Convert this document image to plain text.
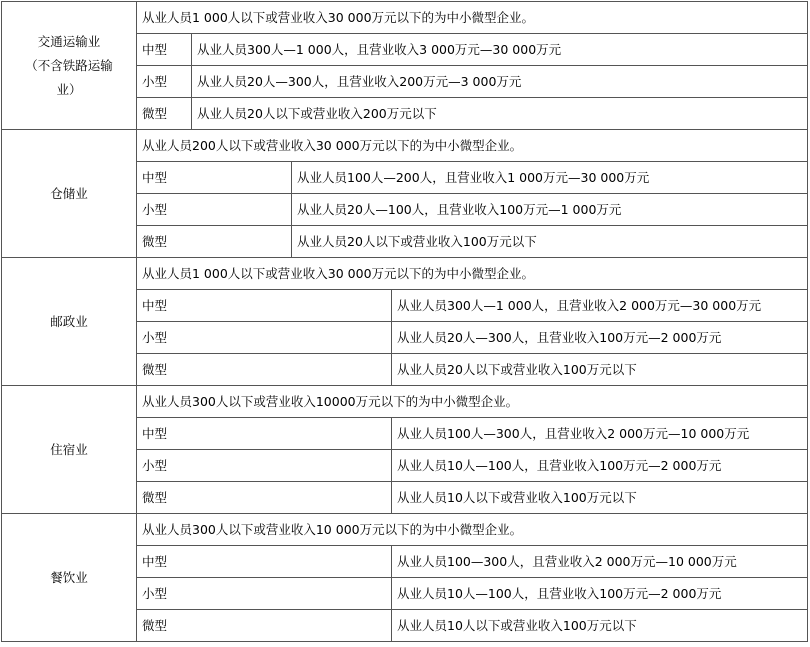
交通运输业
（不含铁路运输
业）	从业人员1 000人以下或营业收入30 000万元以下的为中小微型企业。			
	中型	从业人员300人—1 000人，且营业收入3 000万元—30 000万元		
	小型	从业人员20人—300人，且营业收入200万元—3 000万元		
	微型	从业人员20人以下或营业收入200万元以下		

仓储业	从业人员200人以下或营业收入30 000万元以下的为中小微型企业。			
	中型		从业人员100人—200人，且营业收入1 000万元—30 000万元	
	小型		从业人员20人—100人，且营业收入100万元—1 000万元	
	微型		从业人员20人以下或营业收入100万元以下	

邮政业	从业人员1 000人以下或营业收入30 000万元以下的为中小微型企业。			
	中型			从业人员300人—1 000人，且营业收入2 000万元—30 000万元
	小型			从业人员20人—300人，且营业收入100万元—2 000万元
	微型			从业人员20人以下或营业收入100万元以下

住宿业	从业人员300人以下或营业收入10000万元以下的为中小微型企业。			
	中型			从业人员100人—300人，且营业收入2 000万元—10 000万元
	小型			从业人员10人—100人，且营业收入100万元—2 000万元
	微型			从业人员10人以下或营业收入100万元以下

餐饮业	从业人员300人以下或营业收入10 000万元以下的为中小微型企业。			
	中型			从业人员100—300人，且营业收入2 000万元—10 000万元
	小型			从业人员10人—100人，且营业收入100万元—2 000万元
	微型			从业人员10人以下或营业收入100万元以下
